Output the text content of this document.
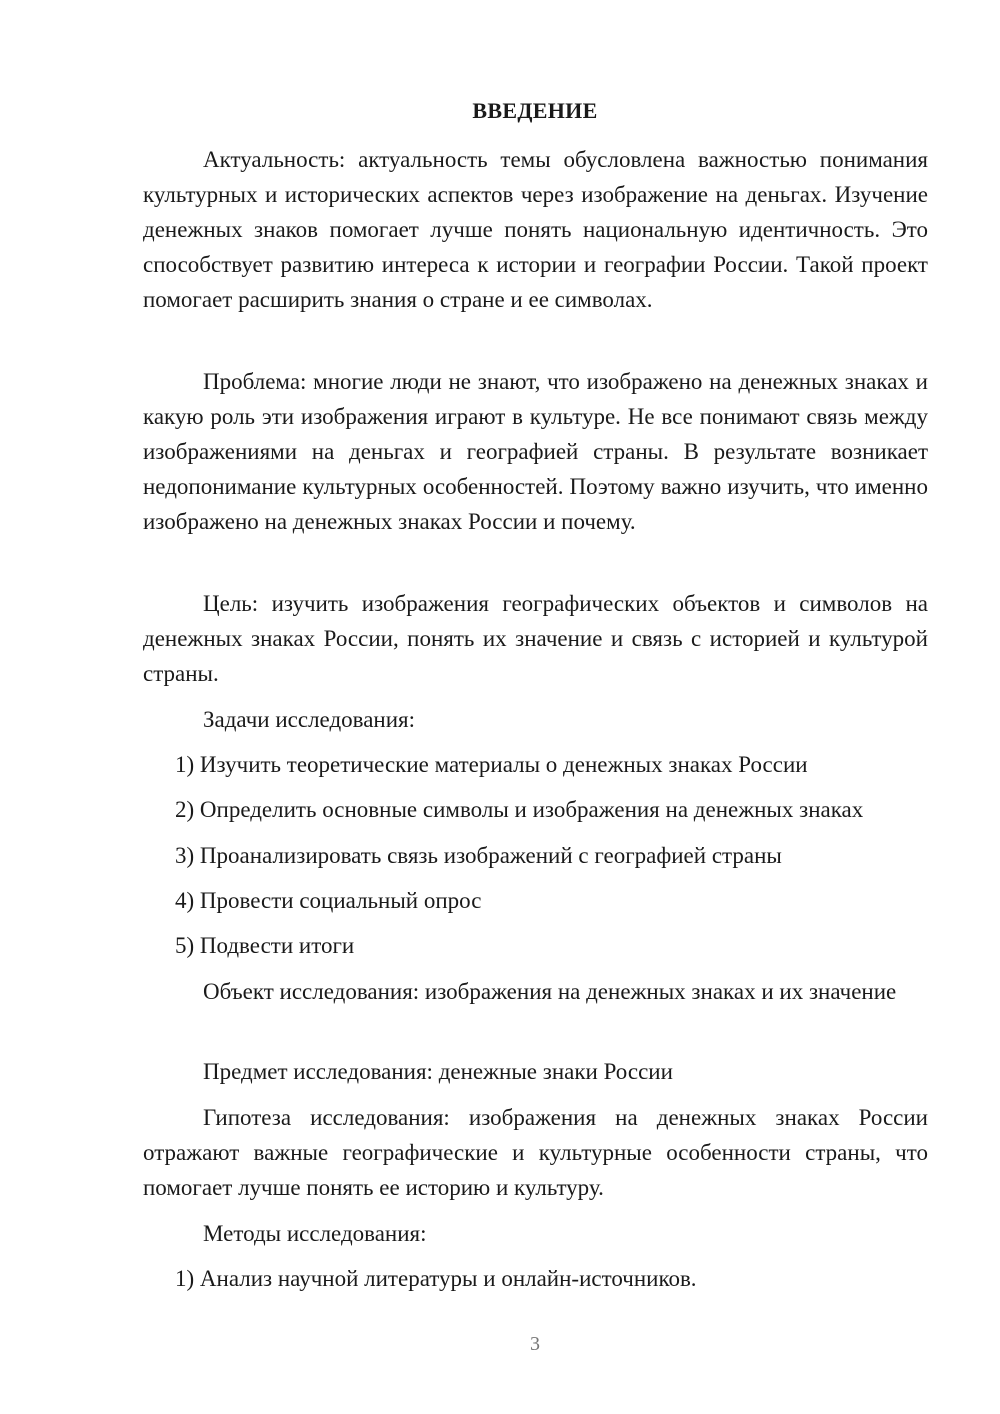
ВВЕДЕНИЕ

Актуальность: актуальность темы обусловлена важностью понимания культурных и исторических аспектов через изображение на деньгах. Изучение денежных знаков помогает лучше понять национальную идентичность. Это способствует развитию интереса к истории и географии России. Такой проект помогает расширить знания о стране и ее символах.

Проблема: многие люди не знают, что изображено на денежных знаках и какую роль эти изображения играют в культуре. Не все понимают связь между изображениями на деньгах и географией страны. В результате возникает недопонимание культурных особенностей. Поэтому важно изучить, что именно изображено на денежных знаках России и почему.

Цель: изучить изображения географических объектов и символов на денежных знаках России, понять их значение и связь с историей и культурой страны.

Задачи исследования:

1) Изучить теоретические материалы о денежных знаках России

2) Определить основные символы и изображения на денежных знаках

3) Проанализировать связь изображений с географией страны

4) Провести социальный опрос

5) Подвести итоги

Объект исследования: изображения на денежных знаках и их значение

Предмет исследования: денежные знаки России

Гипотеза исследования: изображения на денежных знаках России отражают важные географические и культурные особенности страны, что помогает лучше понять ее историю и культуру.

Методы исследования:

1) Анализ научной литературы и онлайн-источников.

3
